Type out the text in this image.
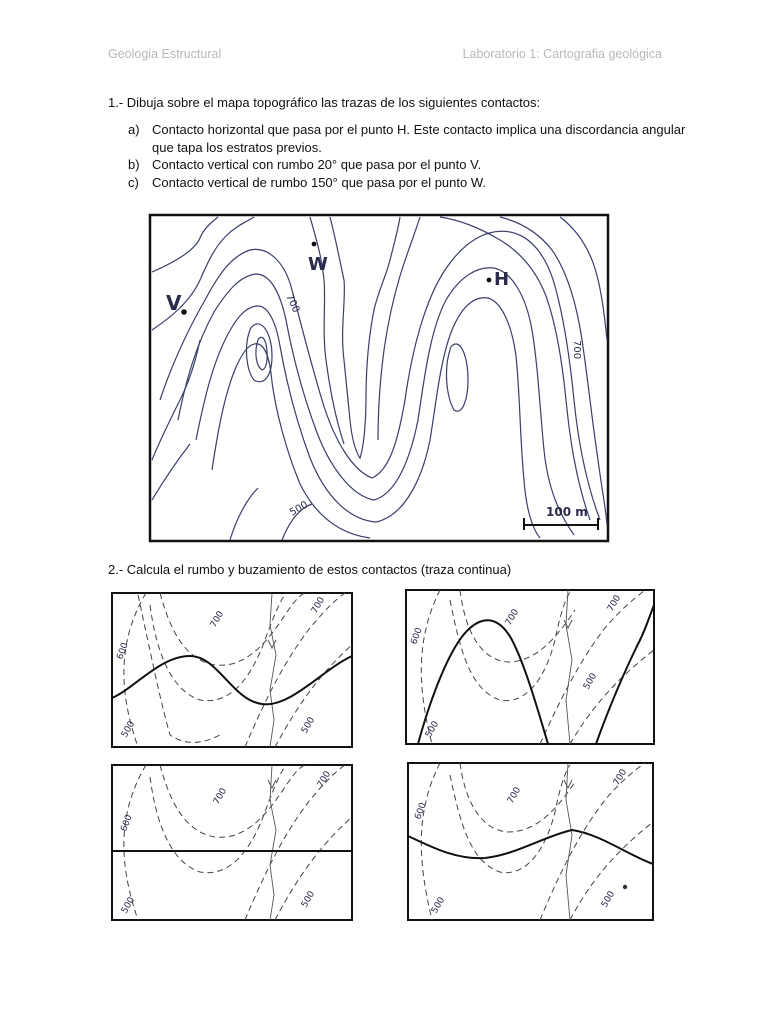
Geologia Estructural	Laboratorio 1: Cartografia geológica
1.- Dibuja sobre el mapa topográfico las trazas de los siguientes contactos:
a) Contacto horizontal que pasa por el punto H. Este contacto implica una discordancia angular que tapa los estratos previos.
b) Contacto vertical con rumbo 20° que pasa por el punto V.
c)	Contacto vertical de rumbo 150° que pasa por el punto W.
2.- Calcula el rumbo y buzamiento de estos contactos (traza continua)
W
H
V	700
700
500	100 m
600
700
700
500	500
600
700
700
500
500
600
700
700
500	500
600
700
700
500	500
